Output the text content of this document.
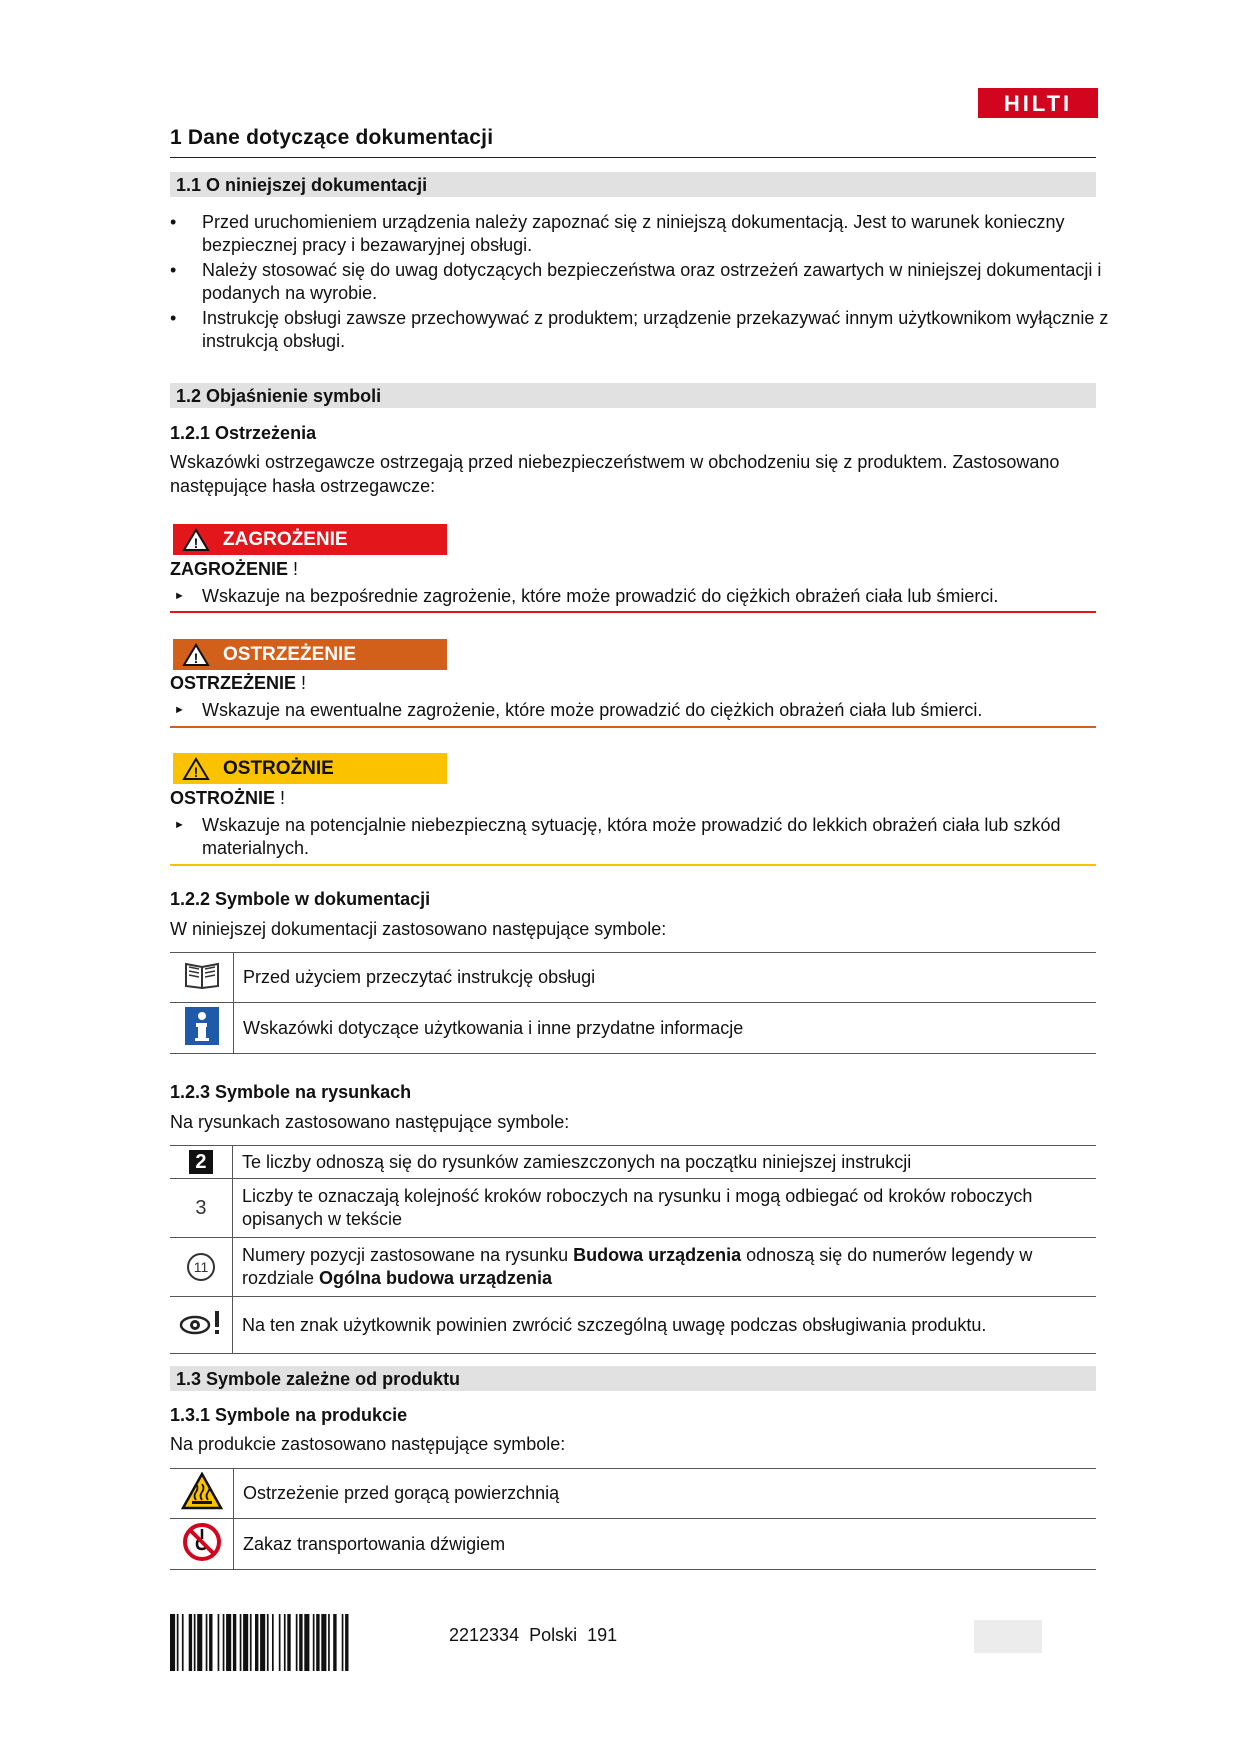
HILTI
1 Dane dotyczące dokumentacji
1.1 O niniejszej dokumentacji
• Przed uruchomieniem urządzenia należy zapoznać się z niniejszą dokumentacją. Jest to warunek konieczny bezpiecznej pracy i bezawaryjnej obsługi.
• Należy stosować się do uwag dotyczących bezpieczeństwa oraz ostrzeżeń zawartych w niniejszej dokumentacji i podanych na wyrobie.
• Instrukcję obsługi zawsze przechowywać z produktem; urządzenie przekazywać innym użytkownikom wyłącznie z instrukcją obsługi.
1.2 Objaśnienie symboli
1.2.1 Ostrzeżenia
Wskazówki ostrzegawcze ostrzegają przed niebezpieczeństwem w obchodzeniu się z produktem. Zastosowano następujące hasła ostrzegawcze:
! ZAGROŻENIE
ZAGROŻENIE !
► Wskazuje na bezpośrednie zagrożenie, które może prowadzić do ciężkich obrażeń ciała lub śmierci.
! OSTRZEŻENIE
OSTRZEŻENIE !
► Wskazuje na ewentualne zagrożenie, które może prowadzić do ciężkich obrażeń ciała lub śmierci.
! OSTROŻNIE
OSTROŻNIE !
► Wskazuje na potencjalnie niebezpieczną sytuację, która może prowadzić do lekkich obrażeń ciała lub szkód materialnych.
1.2.2 Symbole w dokumentacji
W niniejszej dokumentacji zastosowano następujące symbole:
	Przed użyciem przeczytać instrukcję obsługi
	Wskazówki dotyczące użytkowania i inne przydatne informacje
1.2.3 Symbole na rysunkach
Na rysunkach zastosowano następujące symbole:
2	Te liczby odnoszą się do rysunków zamieszczonych na początku niniejszej instrukcji
3	Liczby te oznaczają kolejność kroków roboczych na rysunku i mogą odbiegać od kroków roboczych opisanych w tekście
11	Numery pozycji zastosowane na rysunku Budowa urządzenia odnoszą się do numerów legendy w rozdziale Ogólna budowa urządzenia
	Na ten znak użytkownik powinien zwrócić szczególną uwagę podczas obsługiwania produktu.
1.3 Symbole zależne od produktu
1.3.1 Symbole na produkcie
Na produkcie zastosowano następujące symbole:
	Ostrzeżenie przed gorącą powierzchnią
	Zakaz transportowania dźwigiem
2212334 Polski 191
